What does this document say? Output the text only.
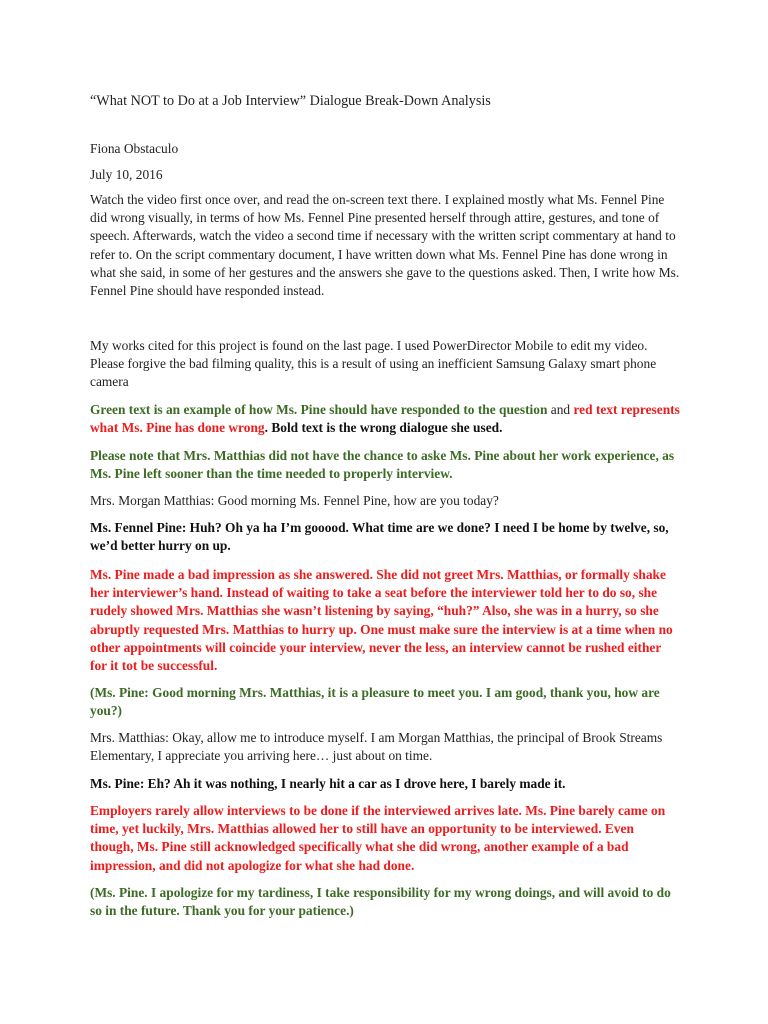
“What NOT to Do at a Job Interview” Dialogue Break-Down Analysis

Fiona Obstaculo

July 10, 2016

Watch the video first once over, and read the on-screen text there. I explained mostly what Ms. Fennel Pine did wrong visually, in terms of how Ms. Fennel Pine presented herself through attire, gestures, and tone of speech. Afterwards, watch the video a second time if necessary with the written script commentary at hand to refer to. On the script commentary document, I have written down what Ms. Fennel Pine has done wrong in what she said, in some of her gestures and the answers she gave to the questions asked. Then, I write how Ms. Fennel Pine should have responded instead.

My works cited for this project is found on the last page. I used PowerDirector Mobile to edit my video. Please forgive the bad filming quality, this is a result of using an inefficient Samsung Galaxy smart phone camera

Green text is an example of how Ms. Pine should have responded to the question and red text represents what Ms. Pine has done wrong. Bold text is the wrong dialogue she used.

Please note that Mrs. Matthias did not have the chance to aske Ms. Pine about her work experience, as Ms. Pine left sooner than the time needed to properly interview.

Mrs. Morgan Matthias: Good morning Ms. Fennel Pine, how are you today?

Ms. Fennel Pine: Huh? Oh ya ha I’m gooood. What time are we done? I need I be home by twelve, so, we’d better hurry on up.

Ms. Pine made a bad impression as she answered. She did not greet Mrs. Matthias, or formally shake her interviewer’s hand. Instead of waiting to take a seat before the interviewer told her to do so, she rudely showed Mrs. Matthias she wasn’t listening by saying, “huh?” Also, she was in a hurry, so she abruptly requested Mrs. Matthias to hurry up. One must make sure the interview is at a time when no other appointments will coincide your interview, never the less, an interview cannot be rushed either for it tot be successful.

(Ms. Pine: Good morning Mrs. Matthias, it is a pleasure to meet you. I am good, thank you, how are you?)

Mrs. Matthias: Okay, allow me to introduce myself. I am Morgan Matthias, the principal of Brook Streams Elementary, I appreciate you arriving here… just about on time.

Ms. Pine: Eh? Ah it was nothing, I nearly hit a car as I drove here, I barely made it.

Employers rarely allow interviews to be done if the interviewed arrives late. Ms. Pine barely came on time, yet luckily, Mrs. Matthias allowed her to still have an opportunity to be interviewed. Even though, Ms. Pine still acknowledged specifically what she did wrong, another example of a bad impression, and did not apologize for what she had done.

(Ms. Pine. I apologize for my tardiness, I take responsibility for my wrong doings, and will avoid to do so in the future. Thank you for your patience.)
